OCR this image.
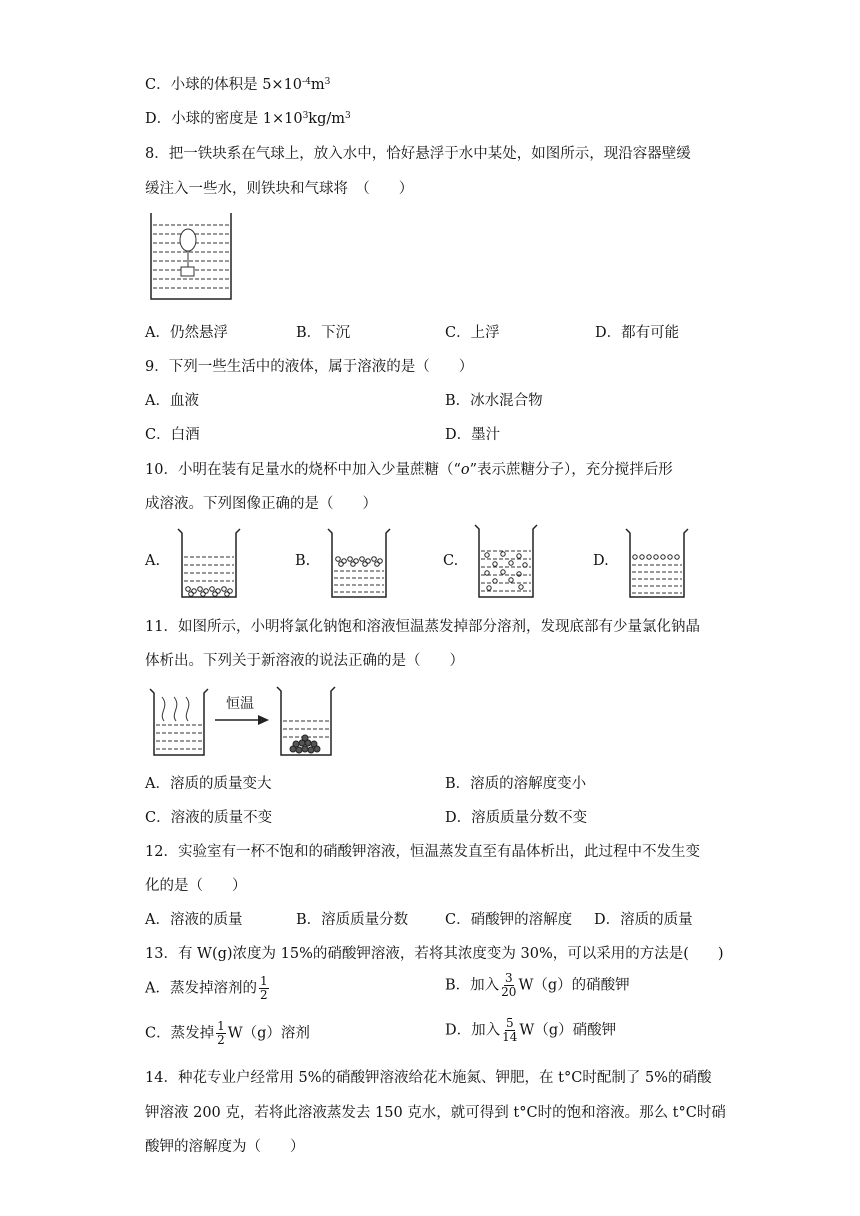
C．小球的体积是 $5\times 10^{-4}m^3$
D．小球的密度是 $1\times 10^3kg/m^3$
8．把一铁块系在气球上，放入水中，恰好悬浮于水中某处，如图所示，现沿容器壁缓
缓注入一些水，则铁块和气球将　（　　）
A．仍然悬浮	B．下沉	C．上浮	D．都有可能
9．下列一些生活中的液体，属于溶液的是（　　）
A．血液	B．冰水混合物
C．白酒	D．墨汁
10．小明在装有足量水的烧杯中加入少量蔗糖（“o”表示蔗糖分子），充分搅拌后形
成溶液。下列图像正确的是（　　）
A.	B.	C.	D.
11．如图所示，小明将氯化钠饱和溶液恒温蒸发掉部分溶剂，发现底部有少量氯化钠晶
体析出。下列关于新溶液的说法正确的是（　　）
恒温
A．溶质的质量变大	B．溶质的溶解度变小
C．溶液的质量不变	D．溶质质量分数不变
12．实验室有一杯不饱和的硝酸钾溶液，恒温蒸发直至有晶体析出，此过程中不发生变
化的是（　　）
A．溶液的质量	B．溶质质量分数	C．硝酸钾的溶解度 D．溶质的质量
13．有 W(g)浓度为 15%的硝酸钾溶液，若将其浓度变为 30%，可以采用的方法是(　　)
A．蒸发掉溶剂的 $\frac{1}{2}$	B．加入 $\frac{3}{20} W(g)$的硝酸钾
C．蒸发掉 $\frac{1}{2} W(g)$溶剂	D．加入 $\frac{5}{14} W(g)$硝酸钾
14．种花专业户经常用 5%的硝酸钾溶液给花木施氮、钾肥，在 t°C时配制了 5%的硝酸
钾溶液 200 克，若将此溶液蒸发去 150 克水，就可得到 t°C时的饱和溶液。那么 t°C时硝
酸钾的溶解度为（　　）
